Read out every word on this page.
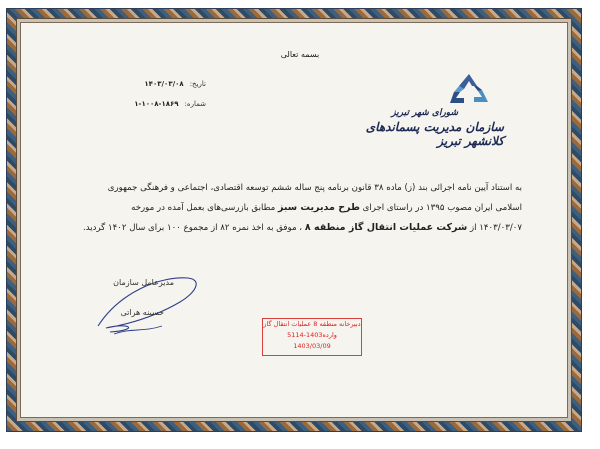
بسمه تعالی
تاریخ:
۱۴۰۳/۰۳/۰۸
شماره:
۱-۱۰۰۸-۱۸۶۹
شورای شهر تبریز
سازمان مدیریت پسماندهای کلانشهر تبریز
به استناد آیین نامه اجرائی بند (ز) ماده ۳۸ قانون برنامه پنج ساله ششم توسعه اقتصادی، اجتماعی و فرهنگی جمهوری
اسلامی ایران مصوب ۱۳۹۵ در راستای اجرای طرح مدیریت سبز مطابق بازرسی‌های بعمل آمده در مورخه
۱۴۰۳/۰۳/۰۷ از شرکت عملیات انتقال گاز منطقه ۸ ، موفق به اخذ نمره ۸۲ از مجموع ۱۰۰ برای سال ۱۴۰۲ گردید.
مدیرعامل سازمان
حسینه هراتی
دبیرخانه منطقه 8 عملیات انتقال گاز
وارده1403-5114
1403/03/09
